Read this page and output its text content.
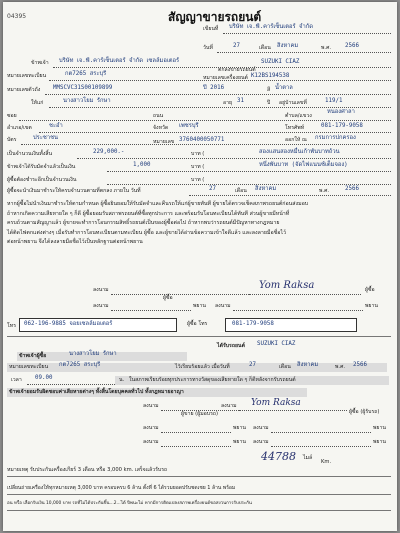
04395	สัญญาขายรถยนต์
เขียนที่ บริษัท เจ.พี.คาร์เซ็นเตอร์ จำกัด
วันที่	27	เดือน สิงหาคม	พ.ศ. 2566
ข้าพเจ้า บริษัท เจ.พี.คาร์เซ็นเตอร์ จำกัด เซลล์มอเตอร์
ตกลงขายรถยนต์
SUZUKI CIAZ
หมายเลขทะเบียน	กต7265 สระบุรี
หมายเลขเครื่องยนต์ K12BS194538
หมายเลขตัวถัง MMSCVC31S00109899	ปี 2016	สี น้ำตาล
ให้แก่	นางสาวโยม รักษา	อายุ 31	ปี อยู่บ้านเลขที่	119/1
ซอย	ถนน	ตำบล/แขวง
หนองศาลา
อำเภอ/เขต	ชะอำ	จังหวัด เพชรบุรี	โทรศัพท์	081-179-9058
บัตร	ประชาชน
หมายเลข 3760400050771	ออกให้ ณ กรมการปกครอง
เป็นจำนวนเงินทั้งสิ้น	229,000.-	บาท (	สองแสนสองหมื่นเก้าพันบาทถ้วน
ข้าพเจ้าได้รับมัดจำแล้วเป็นเงิน	1,000	บาท (	หนึ่งพันบาท (จัดไฟแนนซ์เต็มจอง)
ผู้ซื้อต้องชำระอีกเป็นจำนวนเงิน	บาท (
ผู้ซื้อจะนำเงินมาชำระให้ครบจำนวนตามที่ตกลง ภายใน วันที่	27	เดือน สิงหาคม	พ.ศ.	2566
หากผู้ซื้อไม่นำเงินมาชำระให้ตามกำหนด ผู้ซื้อยินยอมให้รับมัดจำและคืนรถให้แก่ผู้ขายทันที ผู้ขายได้ตรวจเช็คสภาพรถยนต์ก่อนส่งมอบ
ถ้าหากเกิดความเสียหายใด ๆ ก็ดี ผู้ซื้อยอมรับสภาพรถยนต์ที่ซื้อทุกประการ และพร้อมรับโอนทะเบียนได้ทันที ส่วนผู้ขายมีหน้าที่
ครบถ้วนตามสัญญาแล้ว ผู้ขายจะทำการโอนกรรมสิทธิ์รถยนต์เป็นของผู้ซื้อต่อไป ถ้าหากพบว่ารถยนต์มีปัญหาทางกฎหมาย
ได้ติดไฟตกแต่งต่างๆ เมื่อรับทำการโอนทะเบียนตามทะเบียน ผู้ซื้อ และผู้ขายได้อ่านข้อความเข้าใจดีแล้ว และลงลายมือชื่อไว้
ต่อหน้าพยาน จึงได้ลงลายมือชื่อไว้เป็นหลักฐานต่อหน้าพยาน
ลงนาม
ผู้ซื้อ
Yom Raksa	ผู้ซื้อ
ลงนาม	พยาน ลงนาม	พยาน
โทร 062-196-9885 จอยเซลล์มอเตอร์	ผู้ซื้อ โทร	081-179-9058
ได้รับรถยนต์ SUZUKI CIAZ
ข้าพเจ้าผู้ซื้อ	นางสาวโยม รักษา
หมายเลขทะเบียน กต7265 สระบุรี	ไว้เรียบร้อยแล้ว เมื่อวันที่	27	เดือน สิงหาคม	พ.ศ. 2566
เวลา 09.00	น. ในสภาพเรียบร้อยทุกประการทางวัสดุของเสียหายใด ๆ ก็ดีหลังจากรับรถยนต์
ข้าพเจ้ายอมรับผิดชอบค่าเสียหายต่างๆ ทั้งสิ้นโดยบุคคลทั่วไป ทั้งกฎหมายอาญา
ลงนาม
ผู้ขาย (ผู้มอบรถ)
ลงนาม Yom Raksa
ผู้ซื้อ (ผู้รับรถ)
ลงนาม	พยาน ลงนาม	พยาน
ลงนาม	พยาน ลงนาม	พยาน
ไมล์
44788	Km.
หมายเหตุ รับประกันเครื่องเกียร์ 3 เดือน หรือ 3,000 km. เสร็จแล้วรับรถ
เปลี่ยนถ่ายเครื่องให้ทุกหมายเหตุ 3,000 บาท ครอบครบ 6 ล้าน ตั้งที่ 6 ได้รวมยอดปรับชดเชย 1 ล้าน พร้อม
อน หรือ เลือกรับเงิน 10,000 บาท รถที่ไม่ได้ประกันขึ้น...2...ได้ ปีพนะไม่ หากมีการติดแปลงสภาพเครื่องยนต์ขอสงวนการรับประกัน
